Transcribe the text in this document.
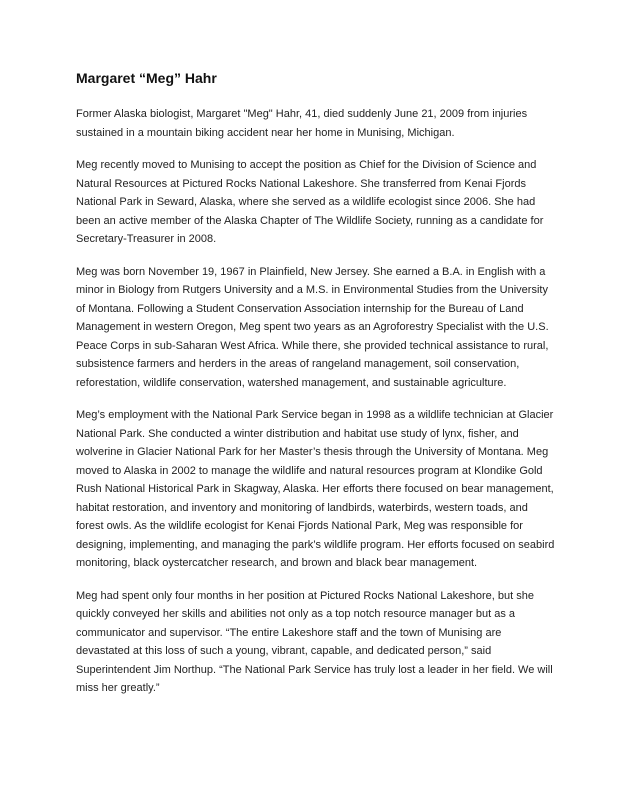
Margaret “Meg” Hahr

Former Alaska biologist, Margaret "Meg" Hahr, 41, died suddenly June 21, 2009 from injuries sustained in a mountain biking accident near her home in Munising, Michigan.

Meg recently moved to Munising to accept the position as Chief for the Division of Science and Natural Resources at Pictured Rocks National Lakeshore. She transferred from Kenai Fjords National Park in Seward, Alaska, where she served as a wildlife ecologist since 2006. She had been an active member of the Alaska Chapter of The Wildlife Society, running as a candidate for Secretary-Treasurer in 2008.

Meg was born November 19, 1967 in Plainfield, New Jersey. She earned a B.A. in English with a minor in Biology from Rutgers University and a M.S. in Environmental Studies from the University of Montana. Following a Student Conservation Association internship for the Bureau of Land Management in western Oregon, Meg spent two years as an Agroforestry Specialist with the U.S. Peace Corps in sub-Saharan West Africa. While there, she provided technical assistance to rural, subsistence farmers and herders in the areas of rangeland management, soil conservation, reforestation, wildlife conservation, watershed management, and sustainable agriculture.

Meg’s employment with the National Park Service began in 1998 as a wildlife technician at Glacier National Park. She conducted a winter distribution and habitat use study of lynx, fisher, and wolverine in Glacier National Park for her Master’s thesis through the University of Montana. Meg moved to Alaska in 2002 to manage the wildlife and natural resources program at Klondike Gold Rush National Historical Park in Skagway, Alaska. Her efforts there focused on bear management, habitat restoration, and inventory and monitoring of landbirds, waterbirds, western toads, and forest owls. As the wildlife ecologist for Kenai Fjords National Park, Meg was responsible for designing, implementing, and managing the park’s wildlife program. Her efforts focused on seabird monitoring, black oystercatcher research, and brown and black bear management.

Meg had spent only four months in her position at Pictured Rocks National Lakeshore, but she quickly conveyed her skills and abilities not only as a top notch resource manager but as a communicator and supervisor. “The entire Lakeshore staff and the town of Munising are devastated at this loss of such a young, vibrant, capable, and dedicated person,” said Superintendent Jim Northup. “The National Park Service has truly lost a leader in her field. We will miss her greatly.”
